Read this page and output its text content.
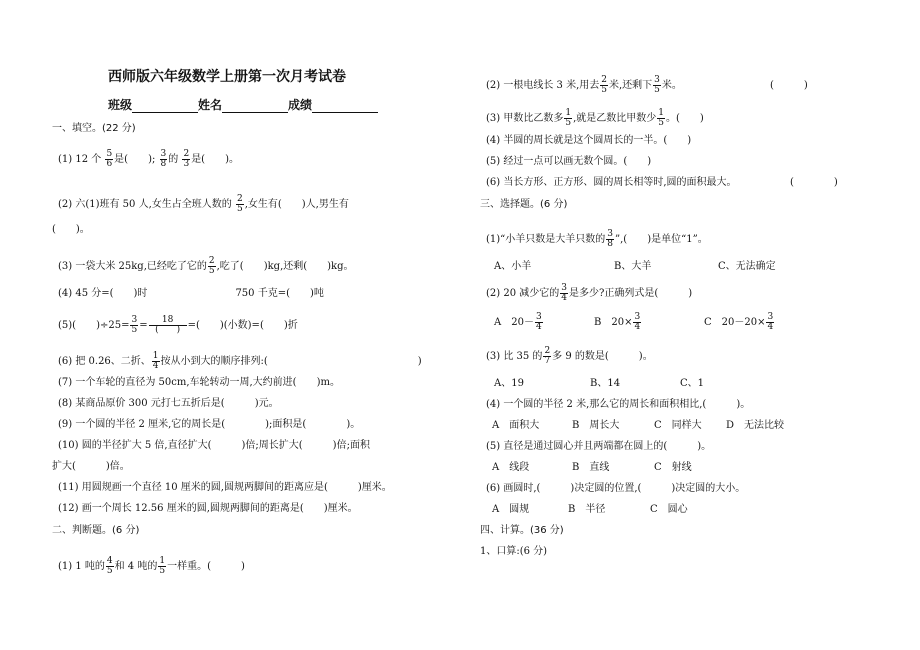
西师版六年级数学上册第一次月考试卷
班级	姓名	成绩
一、填空。(22 分)
(1) 12 个 $\frac{5}{6}$ 是(　　); $\frac{3}{8}$ 的 $\frac{2}{3}$ 是(　　)。
(2) 六(1)班有 50 人,女生占全班人数的 $\frac{2}{5}$ ,女生有(　　)人,男生有
(　　)。
(3) 一袋大米 25kg,已经吃了它的 $\frac{2}{5}$ ,吃了(　　)kg,还剩(　　)kg。
(4) 45 分=(　　)时	750 千克=(　　)吨
(5)(　　)$\div 25= \frac{3}{5} = \frac{18}{( )}$ =(　　)(小数)=(　　)折
(6) 把 0.26、二折、 $\frac{1}{4}$ 按从小到大的顺序排列:(　　　　　　　　　　　　　　　)
(7) 一个车轮的直径为 50cm,车轮转动一周,大约前进(　　)m。
(8) 某商品原价 300 元打七五折后是(　　　)元。
(9) 一个圆的半径 2 厘米,它的周长是(　　　　);面积是(　　　　)。
(10) 圆的半径扩大 5 倍,直径扩大(　　　)倍;周长扩大(　　　)倍;面积
扩大(　　　)倍。
(11) 用圆规画一个直径 10 厘米的圆,圆规两脚间的距离应是(　　　)厘米。
(12) 画一个周长 12.56 厘米的圆,圆规两脚间的距离是(　　)厘米。
二、判断题。(6 分)
(1) 1 吨的 $\frac{4}{5}$ 和 4 吨的 $\frac{1}{5}$ 一样重。(　　　)
(2) 一根电线长 3 米,用去 $\frac{2}{5}$ 米,还剩下 $\frac{3}{5}$ 米。	(　　　)
(3) 甲数比乙数多 $\frac{1}{5}$ ,就是乙数比甲数少 $\frac{1}{5}$ 。(　　)
(4) 半圆的周长就是这个圆周长的一半。(　　)
(5) 经过一点可以画无数个圆。(　　)
(6) 当长方形、正方形、圆的周长相等时,圆的面积最大。	(　　　　)
三、选择题。(6 分)
(1)“小羊只数是大羊只数的 $\frac{3}{8}$ ”,(　　)是单位“1”。
A、小羊	B、大羊	C、无法确定
(2) 20 减少它的 $\frac{3}{4}$ 是多少?正确列式是(　　　)
A　$20- \frac{3}{4}$	B　$20\times \frac{3}{4}$	C　$20-20\times \frac{3}{4}$
(3) 比 35 的 $\frac{2}{7}$ 多 9 的数是(　　　)。
A、19	B、14	C、1
(4) 一个圆的半径 2 米,那么它的周长和面积相比,(　　　)。
A　面积大	B　周长大	C　同样大 D　无法比较
(5) 直径是通过圆心并且两端都在圆上的(　　　)。
A　线段	B　直线	C　射线
(6) 画圆时,(　　　)决定圆的位置,(　　　)决定圆的大小。
A　圆规	B　半径	C　圆心
四、计算。(36 分)
1、口算:(6 分)
